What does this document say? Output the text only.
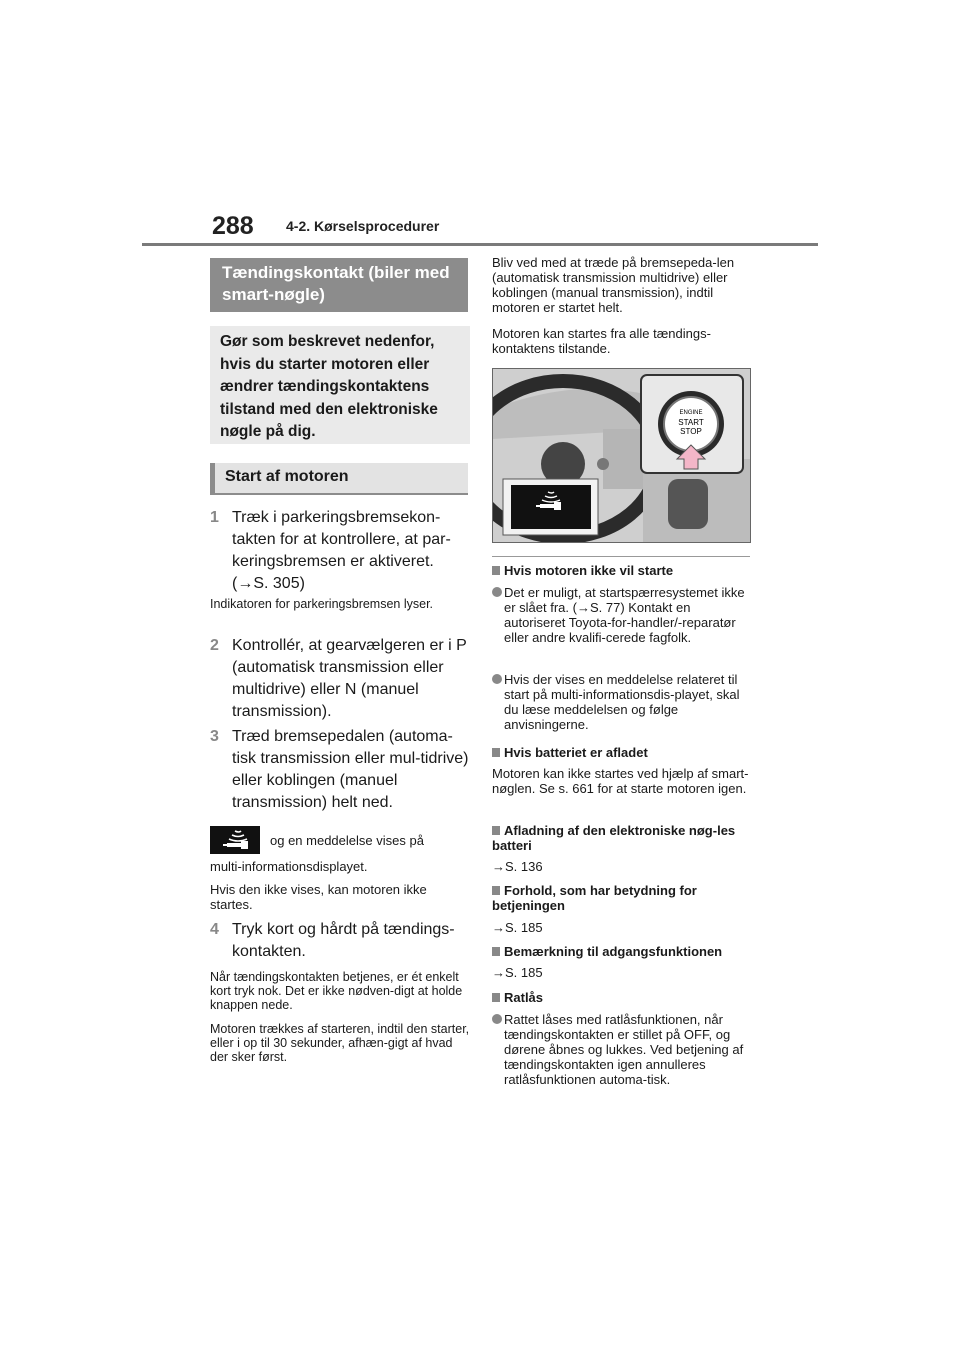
288 4-2. Kørselsprocedurer
Tændingskontakt (biler med smart-nøgle)
Gør som beskrevet nedenfor, hvis du starter motoren eller ændrer tændingskontaktens tilstand med den elektroniske nøgle på dig.
Start af motoren
1 Træk i parkeringsbremsekon-takten for at kontrollere, at par-keringsbremsen er aktiveret. (→S. 305)
Indikatoren for parkeringsbremsen lyser.
2 Kontrollér, at gearvælgeren er i P (automatisk transmission eller multidrive) eller N (manuel transmission).
3 Træd bremsepedalen (automa-tisk transmission eller mul-tidrive) eller koblingen (manuel transmission) helt ned.
og en meddelelse vises på
multi-informationsdisplayet.
Hvis den ikke vises, kan motoren ikke startes.
4 Tryk kort og hårdt på tændings-kontakten.
Når tændingskontakten betjenes, er ét enkelt kort tryk nok. Det er ikke nødven-digt at holde knappen nede.
Motoren trækkes af starteren, indtil den starter, eller i op til 30 sekunder, afhæn-gigt af hvad der sker først.
Bliv ved med at træde på bremsepeda-len (automatisk transmission multidrive) eller koblingen (manual transmission), indtil motoren er startet helt.
Motoren kan startes fra alle tændings-kontaktens tilstande.
ENGINE
START
STOP
Hvis motoren ikke vil starte
Det er muligt, at startspærresystemet ikke er slået fra. (→S. 77) Kontakt en autoriseret Toyota-for-handler/-reparatør eller andre kvalifi-cerede fagfolk.
Hvis der vises en meddelelse relateret til start på multi-informationsdis-playet, skal du læse meddelelsen og følge anvisningerne.
Hvis batteriet er afladet
Motoren kan ikke startes ved hjælp af smart-nøglen. Se s. 661 for at starte motoren igen.
Afladning af den elektroniske nøg-les batteri
→S. 136
Forhold, som har betydning for betjeningen
→S. 185
Bemærkning til adgangsfunktionen
→S. 185
Ratlås
Rattet låses med ratlåsfunktionen, når tændingskontakten er stillet på OFF, og dørene åbnes og lukkes. Ved betjening af tændingskontakten igen annulleres ratlåsfunktionen automa-tisk.
